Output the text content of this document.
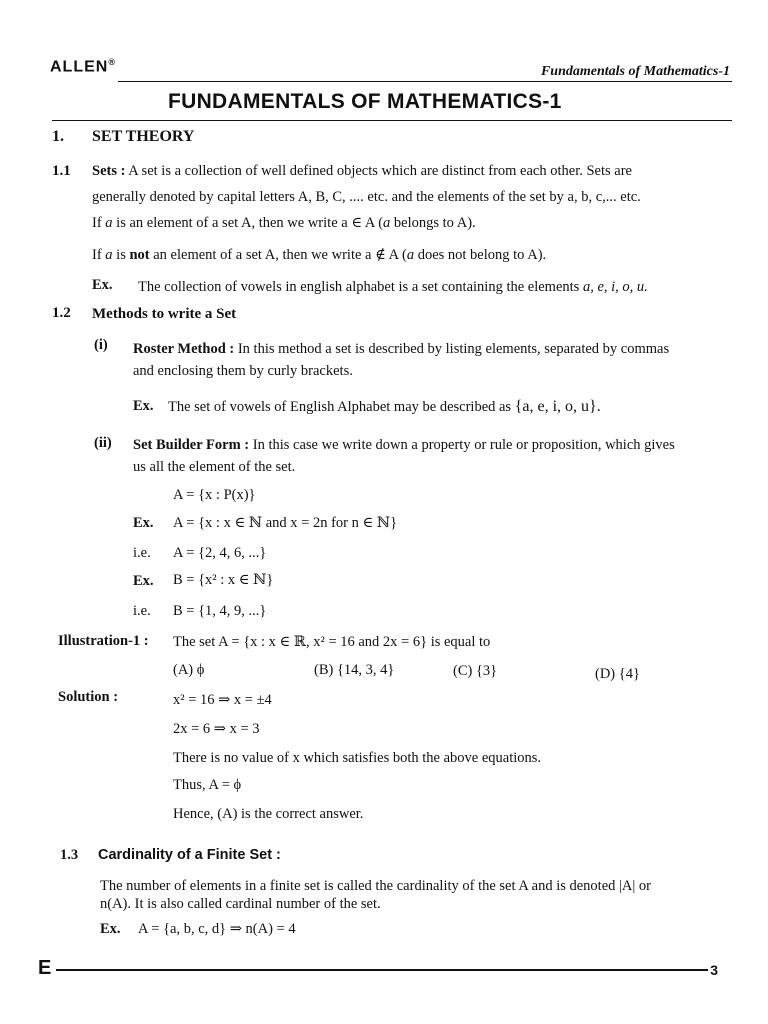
ALLEN®
Fundamentals of Mathematics-1
FUNDAMENTALS OF MATHEMATICS-1
1. SET THEORY
1.1 Sets : A set is a collection of well defined objects which are distinct from each other. Sets are
generally denoted by capital letters A, B, C, .... etc. and the elements of the set by a, b, c,... etc.
If a is an element of a set A, then we write a ∈ A (a belongs to A).
If a is not an element of a set A, then we write a ∉ A (a does not belong to A).
Ex. The collection of vowels in english alphabet is a set containing the elements a, e, i, o, u.
1.2 Methods to write a Set
(i) Roster Method : In this method a set is described by listing elements, separated by commas
and enclosing them by curly brackets.
Ex. The set of vowels of English Alphabet may be described as {a, e, i, o, u}.
(ii) Set Builder Form : In this case we write down a property or rule or proposition, which gives
us all the element of the set.
A = {x : P(x)}
Ex. A = {x : x ∈ ℕ and x = 2n for n ∈ ℕ}
i.e. A = {2, 4, 6, ...}
Ex. B = {x² : x ∈ ℕ}
i.e. B = {1, 4, 9, ...}
Illustration-1 : The set A = {x : x ∈ ℝ, x² = 16 and 2x = 6} is equal to
(A) ϕ	(B) {14, 3, 4}	(C) {3}	(D) {4}
Solution :	x² = 16 ⇒ x = ±4
2x = 6 ⇒ x = 3
There is no value of x which satisfies both the above equations.
Thus, A = ϕ
Hence, (A) is the correct answer.
1.3 Cardinality of a Finite Set :
The number of elements in a finite set is called the cardinality of the set A and is denoted |A| or
n(A). It is also called cardinal number of the set.
Ex. A = {a, b, c, d} ⇒ n(A) = 4
E	3
